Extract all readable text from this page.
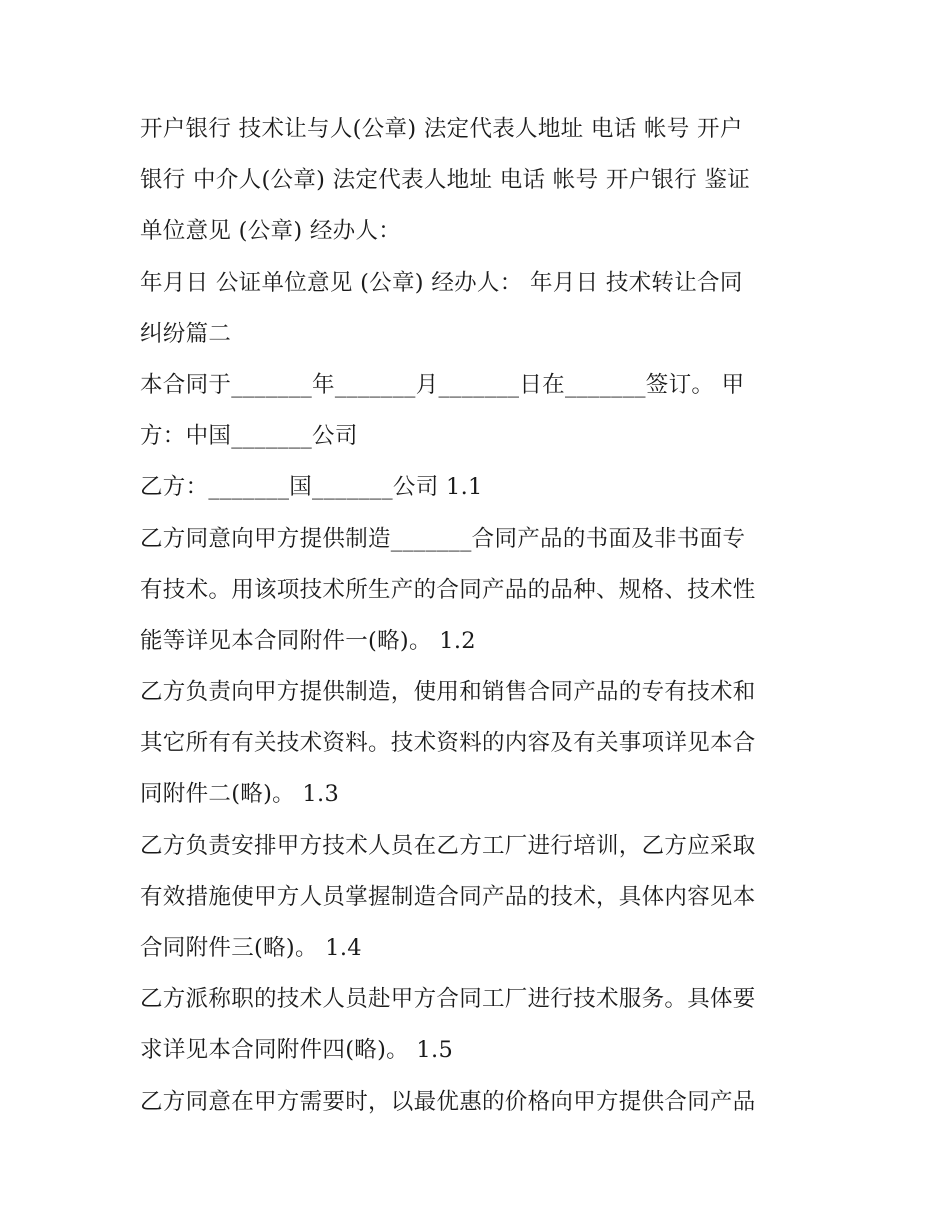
开户银行 技术让与人(公章) 法定代表人地址 电话 帐号 开户
银行 中介人(公章) 法定代表人地址 电话 帐号 开户银行 鉴证
单位意见 (公章) 经办人：
年月日 公证单位意见 (公章) 经办人： 年月日 技术转让合同
纠纷篇二
本合同于_______年_______月_______日在_______签订。 甲
方：中国_______公司
乙方：_______国_______公司 1.1
乙方同意向甲方提供制造_______合同产品的书面及非书面专
有技术。用该项技术所生产的合同产品的品种、规格、技术性
能等详见本合同附件一(略)。 1.2
乙方负责向甲方提供制造，使用和销售合同产品的专有技术和
其它所有有关技术资料。技术资料的内容及有关事项详见本合
同附件二(略)。 1.3
乙方负责安排甲方技术人员在乙方工厂进行培训，乙方应采取
有效措施使甲方人员掌握制造合同产品的技术，具体内容见本
合同附件三(略)。 1.4
乙方派称职的技术人员赴甲方合同工厂进行技术服务。具体要
求详见本合同附件四(略)。 1.5
乙方同意在甲方需要时，以最优惠的价格向甲方提供合同产品
